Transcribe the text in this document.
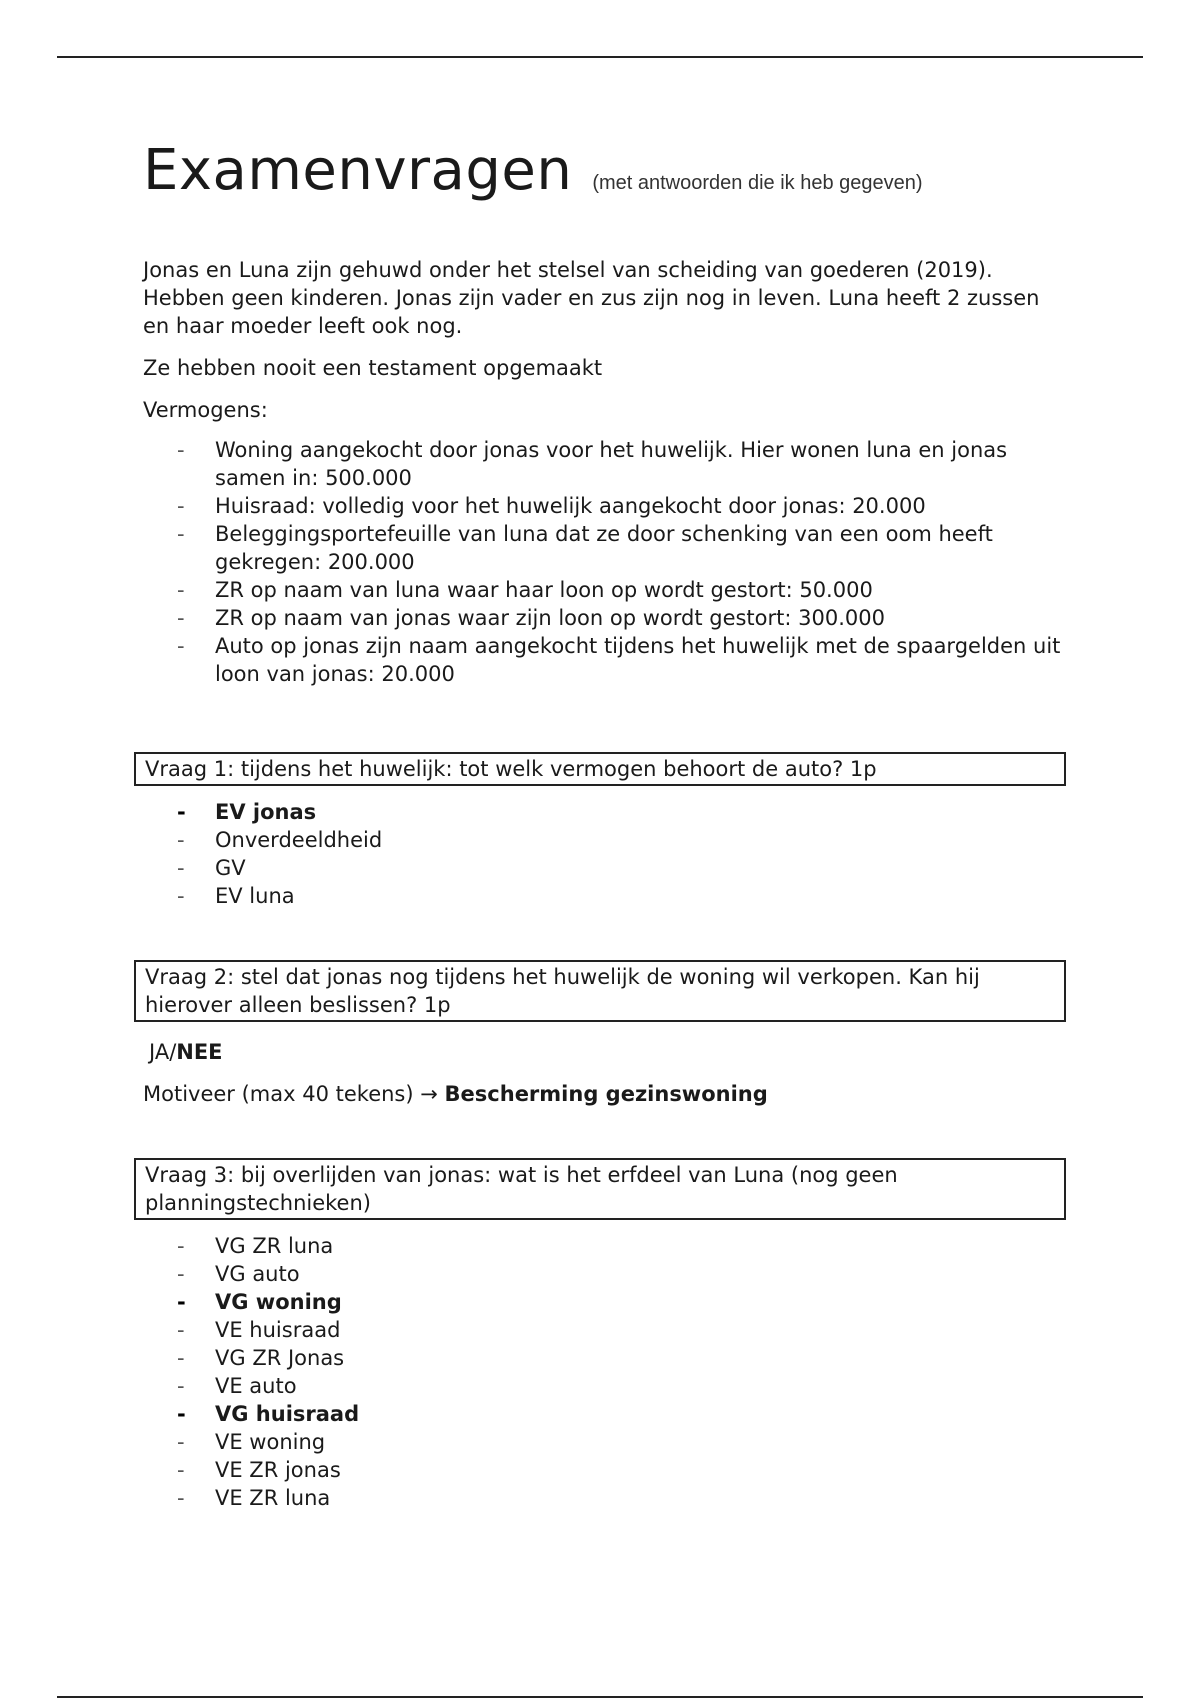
Examenvragen (met antwoorden die ik heb gegeven)

Jonas en Luna zijn gehuwd onder het stelsel van scheiding van goederen (2019). Hebben geen kinderen. Jonas zijn vader en zus zijn nog in leven. Luna heeft 2 zussen en haar moeder leeft ook nog.

Ze hebben nooit een testament opgemaakt

Vermogens:

- Woning aangekocht door jonas voor het huwelijk. Hier wonen luna en jonas samen in: 500.000
- Huisraad: volledig voor het huwelijk aangekocht door jonas: 20.000
- Beleggingsportefeuille van luna dat ze door schenking van een oom heeft gekregen: 200.000
- ZR op naam van luna waar haar loon op wordt gestort: 50.000
- ZR op naam van jonas waar zijn loon op wordt gestort: 300.000
- Auto op jonas zijn naam aangekocht tijdens het huwelijk met de spaargelden uit loon van jonas: 20.000
Vraag 1: tijdens het huwelijk: tot welk vermogen behoort de auto? 1p
- EV jonas
- Onverdeeldheid
- GV
- EV luna
Vraag 2: stel dat jonas nog tijdens het huwelijk de woning wil verkopen. Kan hij hierover alleen beslissen? 1p

JA/NEE

Motiveer (max 40 tekens) → Bescherming gezinswoning

Vraag 3: bij overlijden van jonas: wat is het erfdeel van Luna (nog geen planningstechnieken)
- VG ZR luna
- VG auto
- VG woning
- VE huisraad
- VG ZR Jonas
- VE auto
- VG huisraad
- VE woning
- VE ZR jonas
- VE ZR luna
